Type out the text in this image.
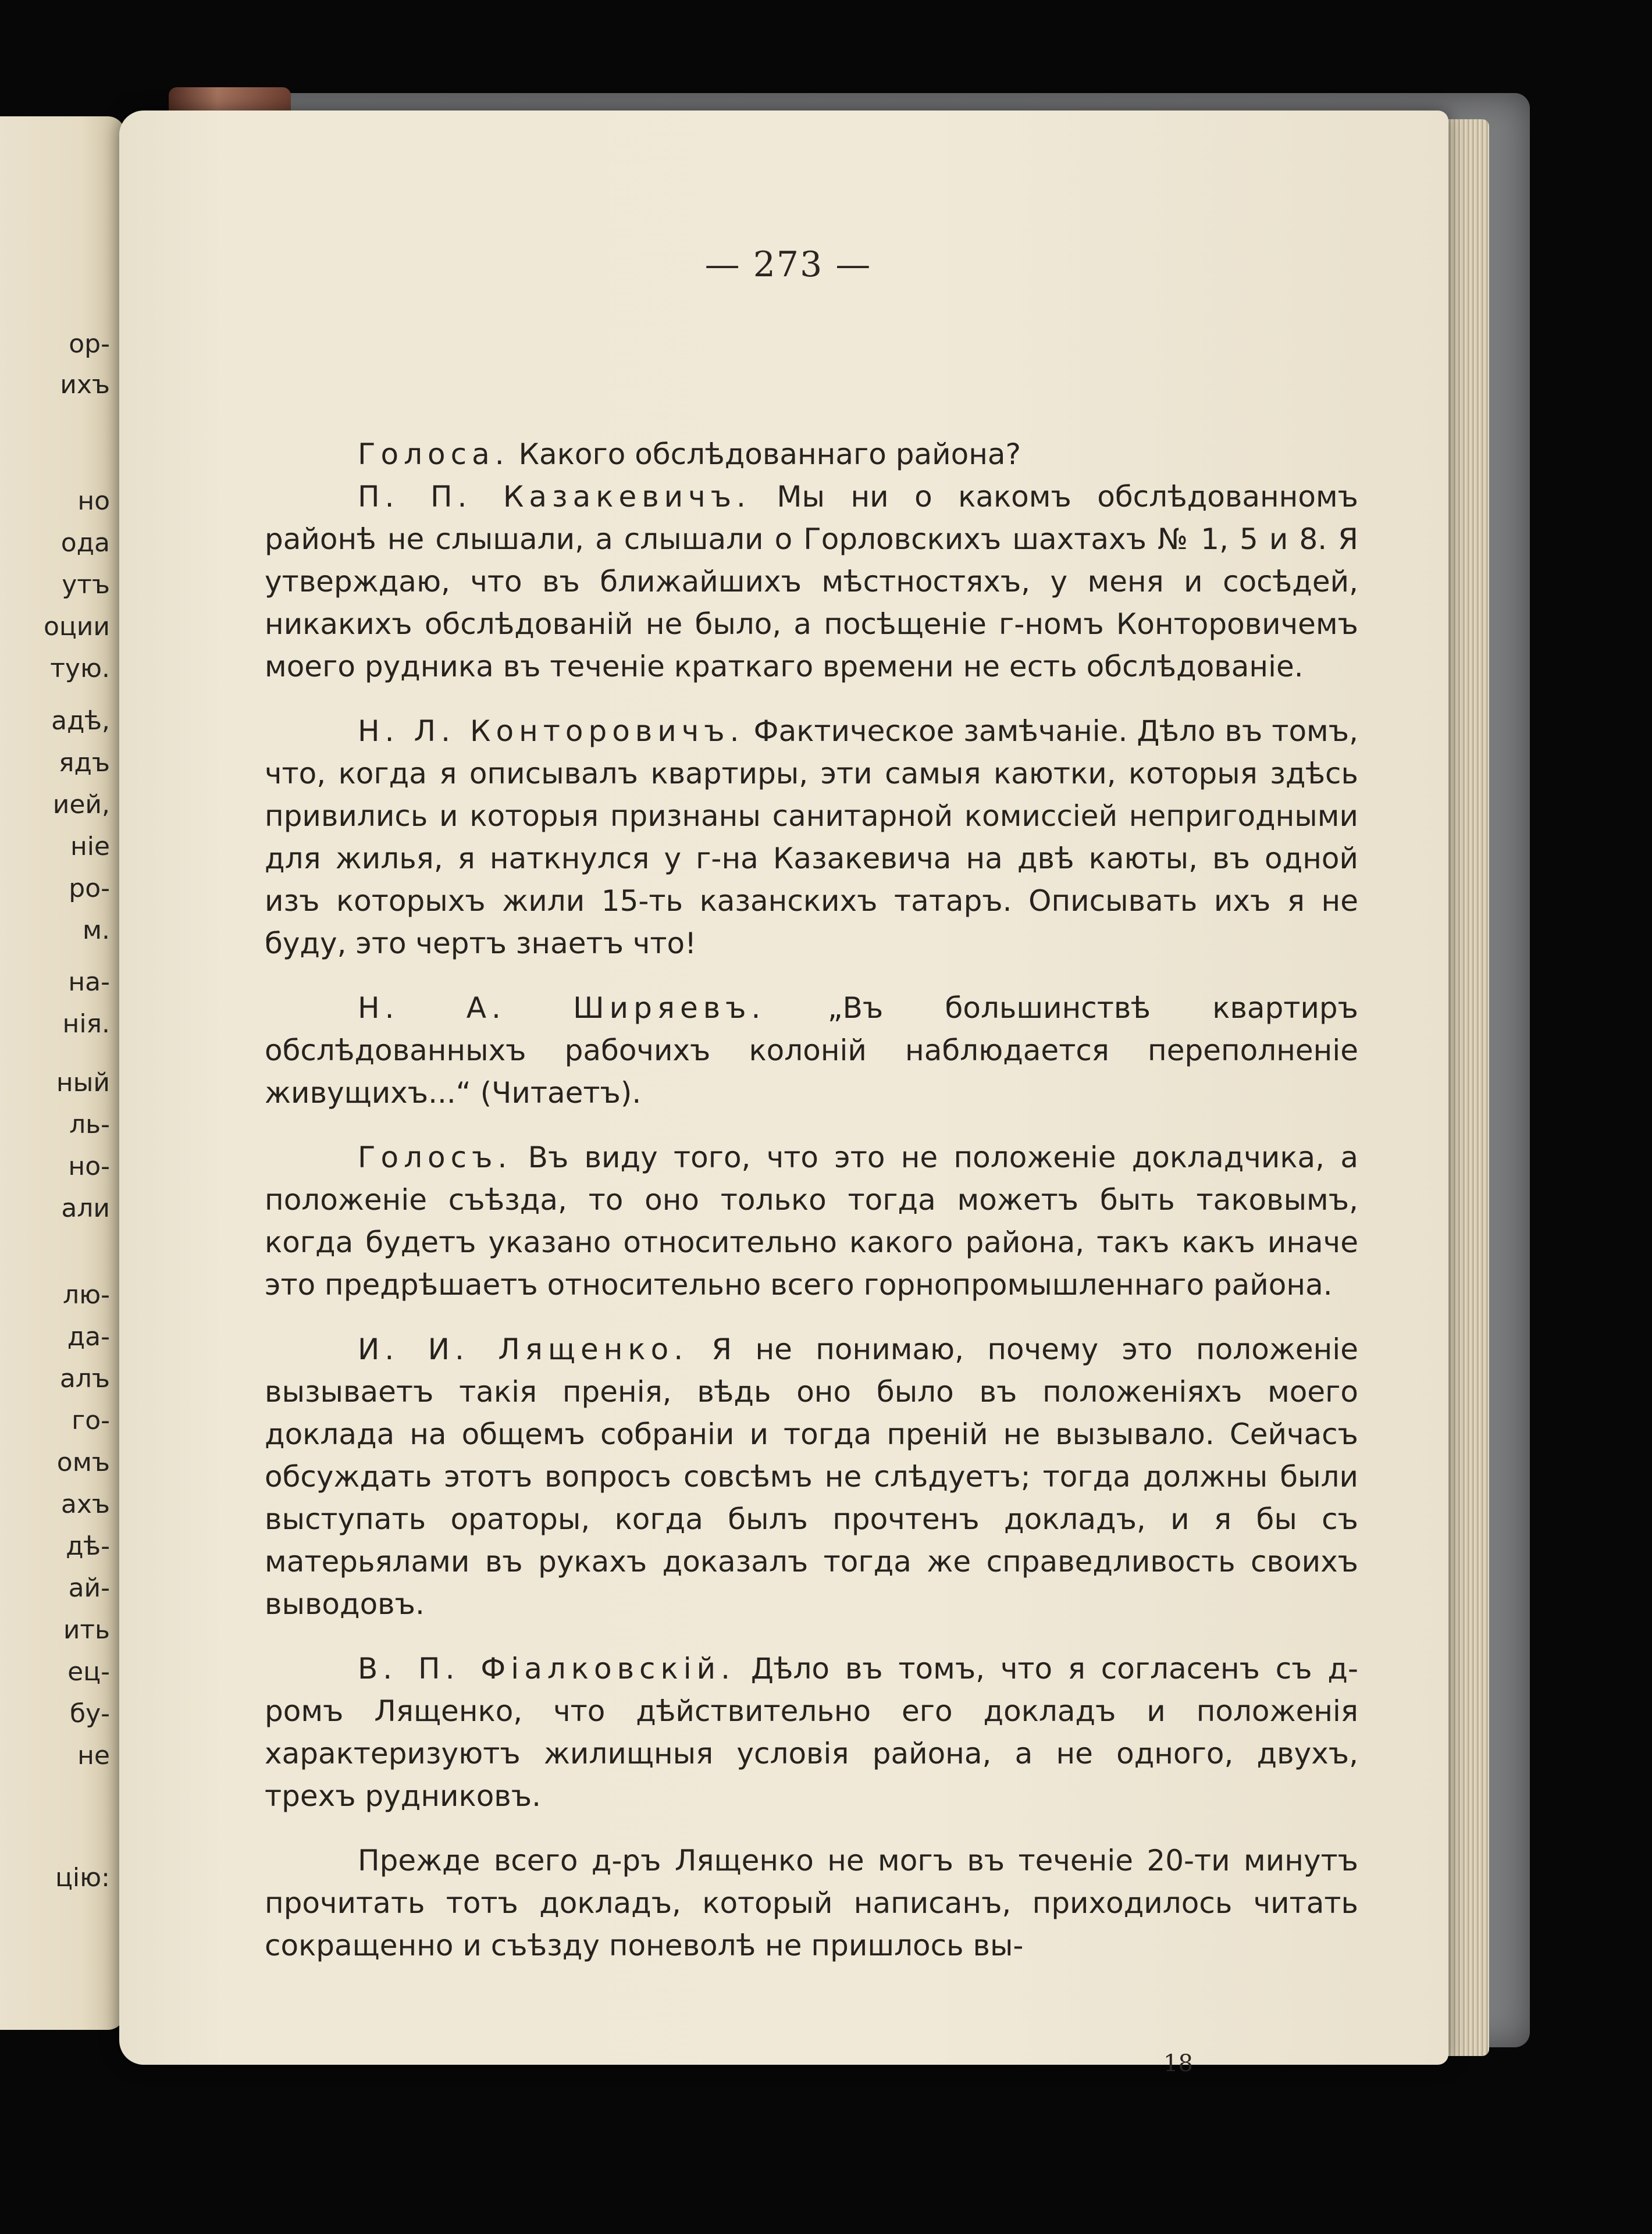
ор-
ихъ
но
ода
утъ
оции
тую.
адѣ,
ядъ
ией,
ніе
ро-
м.
на-
нія.
ный
ль-
но-
али
лю-
да-
алъ
го-
омъ
ахъ
дѣ-
ай-
ить
ец-
бу-
не
цію:
— 273 —

Голоса. Какого обслѣдованнаго района?

П. П. Казакевичъ. Мы ни о какомъ обслѣдованномъ районѣ не слышали, а слышали о Горловскихъ шахтахъ № 1, 5 и 8. Я утверждаю, что въ ближайшихъ мѣстностяхъ, у меня и сосѣдей, никакихъ обслѣдованій не было, а посѣщеніе г-номъ Конторовичемъ моего рудника въ теченіе краткаго времени не есть обслѣдованіе.

Н. Л. Конторовичъ. Фактическое замѣчаніе. Дѣло въ томъ, что, когда я описывалъ квартиры, эти самыя каютки, которыя здѣсь привились и которыя признаны санитарной комиссіей непригодными для жилья, я наткнулся у г-на Казакевича на двѣ каюты, въ одной изъ которыхъ жили 15-ть казанскихъ татаръ. Описывать ихъ я не буду, это чертъ знаетъ что!

Н. А. Ширяевъ. „Въ большинствѣ квартиръ обслѣдованныхъ рабочихъ колоній наблюдается переполненіе живущихъ...“ (Читаетъ).

Голосъ. Въ виду того, что это не положеніе докладчика, а положеніе съѣзда, то оно только тогда можетъ быть таковымъ, когда будетъ указано относительно какого района, такъ какъ иначе это предрѣшаетъ относительно всего горнопромышленнаго района.

И. И. Лященко. Я не понимаю, почему это положеніе вызываетъ такія пренія, вѣдь оно было въ положеніяхъ моего доклада на общемъ собраніи и тогда преній не вызывало. Сейчасъ обсуждать этотъ вопросъ совсѣмъ не слѣдуетъ; тогда должны были выступать ораторы, когда былъ прочтенъ докладъ, и я бы съ матерьялами въ рукахъ доказалъ тогда же справедливость своихъ выводовъ.

В. П. Фіалковскій. Дѣло въ томъ, что я согласенъ съ д-ромъ Лященко, что дѣйствительно его докладъ и положенія характеризуютъ жилищныя условія района, а не одного, двухъ, трехъ рудниковъ.

Прежде всего д-ръ Лященко не могъ въ теченіе 20-ти минутъ прочитать тотъ докладъ, который написанъ, приходилось читать сокращенно и съѣзду поневолѣ не пришлось вы-

18
